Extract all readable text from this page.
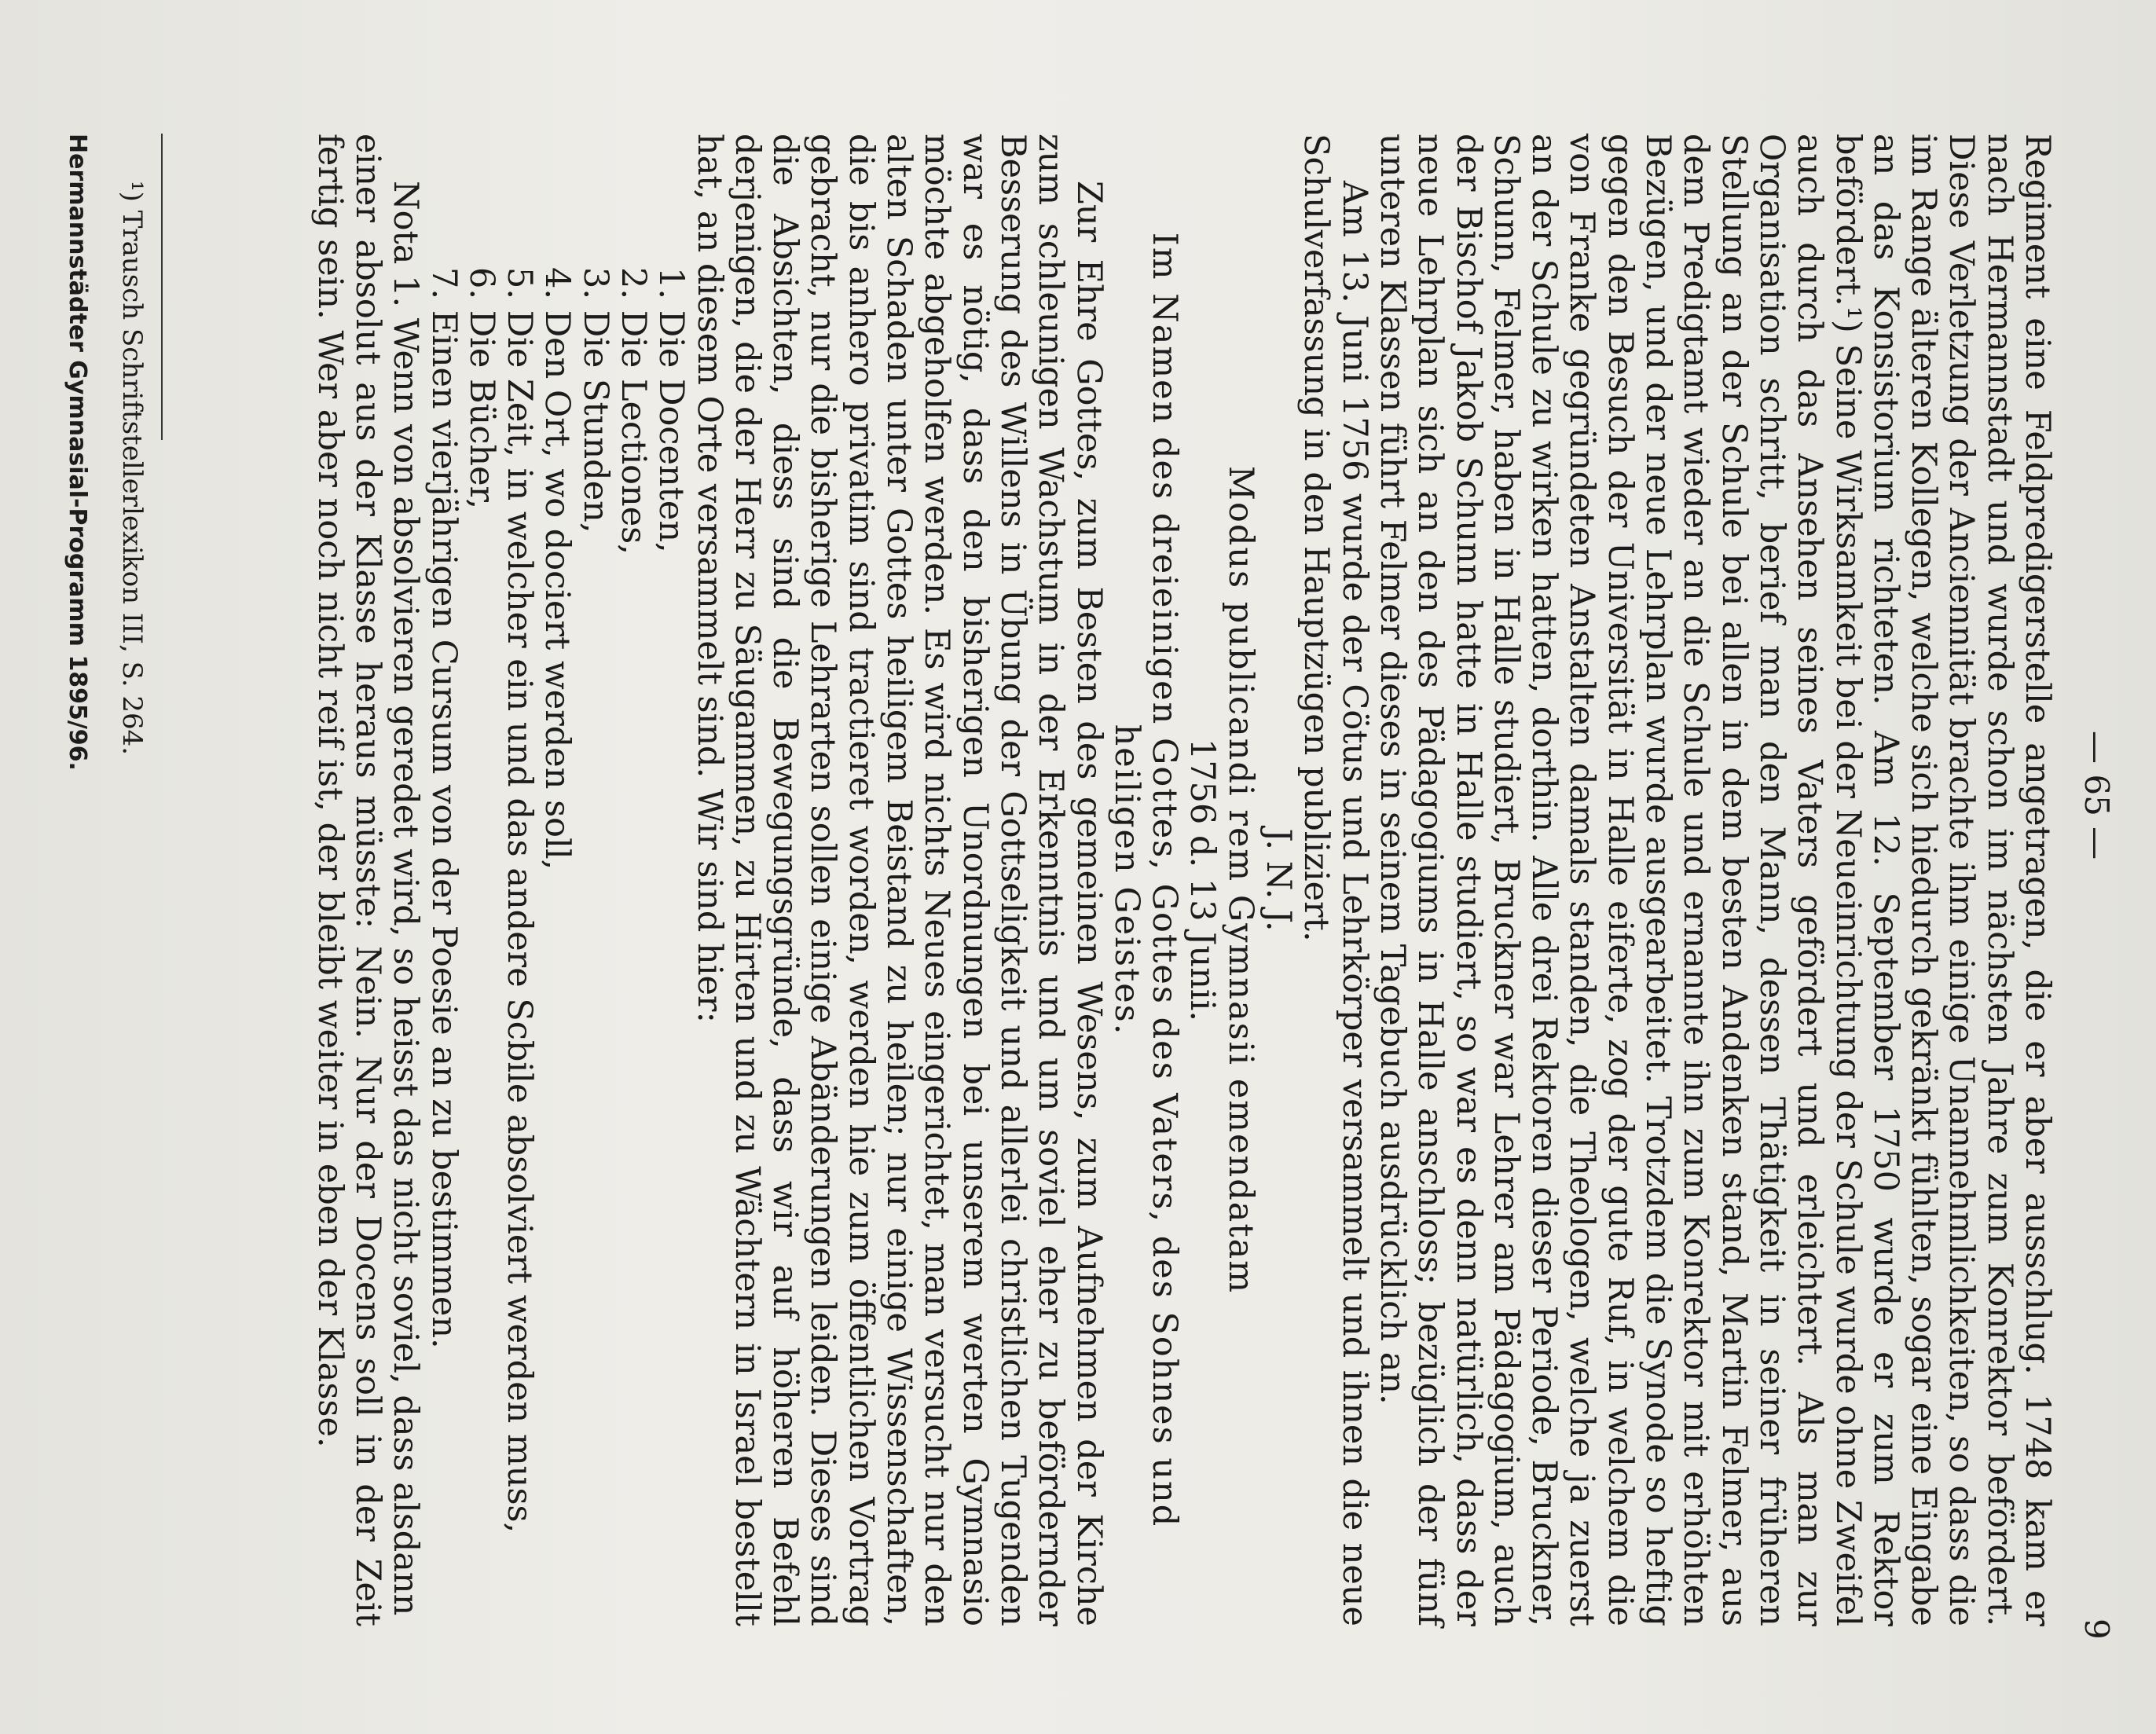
— 65 —
9

Regiment eine Feldpredigerstelle angetragen, die er aber ausschlug. 1748 kam er nach Hermannstadt und wurde schon im nächsten Jahre zum Konrektor befördert. Diese Verletzung der Anciennität brachte ihm einige Unannehmlichkeiten, so dass die im Range älteren Kollegen, welche sich hiedurch gekränkt fühlten, sogar eine Eingabe an das Konsistorium richteten. Am 12. September 1750 wurde er zum Rektor befördert.¹) Seine Wirksamkeit bei der Neueinrichtung der Schule wurde ohne Zweifel auch durch das Ansehen seines Vaters gefördert und erleichtert. Als man zur Organisation schritt, berief man den Mann, dessen Thätigkeit in seiner früheren Stellung an der Schule bei allen in dem besten Andenken stand, Martin Felmer, aus dem Predigtamt wieder an die Schule und ernannte ihn zum Konrektor mit erhöhten Bezügen, und der neue Lehrplan wurde ausgearbeitet. Trotzdem die Synode so heftig gegen den Besuch der Universität in Halle eiferte, zog der gute Ruf, in welchem die von Franke gegründeten Anstalten damals standen, die Theologen, welche ja zuerst an der Schule zu wirken hatten, dorthin. Alle drei Rektoren dieser Periode, Bruckner, Schunn, Felmer, haben in Halle studiert, Bruckner war Lehrer am Pädagogium, auch der Bischof Jakob Schunn hatte in Halle studiert, so war es denn natürlich, dass der neue Lehrplan sich an den des Pädagogiums in Halle anschloss; bezüglich der fünf unteren Klassen führt Felmer dieses in seinem Tagebuch ausdrücklich an.

Am 13. Juni 1756 wurde der Cötus und Lehrkörper versammelt und ihnen die neue Schulverfassung in den Hauptzügen publiziert.

J. N. J.

Modus publicandi rem Gymnasii emendatam

1756 d. 13 Junii.

Im Namen des dreieinigen Gottes, Gottes des Vaters, des Sohnes und

heiligen Geistes.

Zur Ehre Gottes, zum Besten des gemeinen Wesens, zum Aufnehmen der Kirche zum schleunigen Wachstum in der Erkenntnis und um soviel eher zu befördernder Besserung des Willens in Übung der Gottseligkeit und allerlei christlichen Tugenden war es nötig, dass den bisherigen Unordnungen bei unserem werten Gymnasio möchte abgeholfen werden. Es wird nichts Neues eingerichtet, man versucht nur den alten Schaden unter Gottes heiligem Beistand zu heilen; nur einige Wissenschaften, die bis anhero privatim sind tractieret worden, werden hie zum öffentlichen Vortrag gebracht, nur die bisherige Lehrarten sollen einige Abänderungen leiden. Dieses sind die Absichten, diess sind die Bewegungsgründe, dass wir auf höheren Befehl derjenigen, die der Herr zu Säugammen, zu Hirten und zu Wächtern in Israel bestellt hat, an diesem Orte versammelt sind. Wir sind hier:

1. Die Docenten,
2. Die Lectiones,
3. Die Stunden,
4. Den Ort, wo dociert werden soll,
5. Die Zeit, in welcher ein und das andere Scbile absolviert werden muss,
6. Die Bücher,
7. Einen vierjährigen Cursum von der Poesie an zu bestimmen.

Nota 1. Wenn von absolvieren geredet wird, so heisst das nicht soviel, dass alsdann

einer absolut aus der Klasse heraus müsste: Nein. Nur der Docens soll in der Zeit fertig sein. Wer aber noch nicht reif ist, der bleibt weiter in eben der Klasse.

¹) Trausch Schriftstellerlexikon III, S. 264.
Hermannstädter Gymnasial-Programm 1895/96.
